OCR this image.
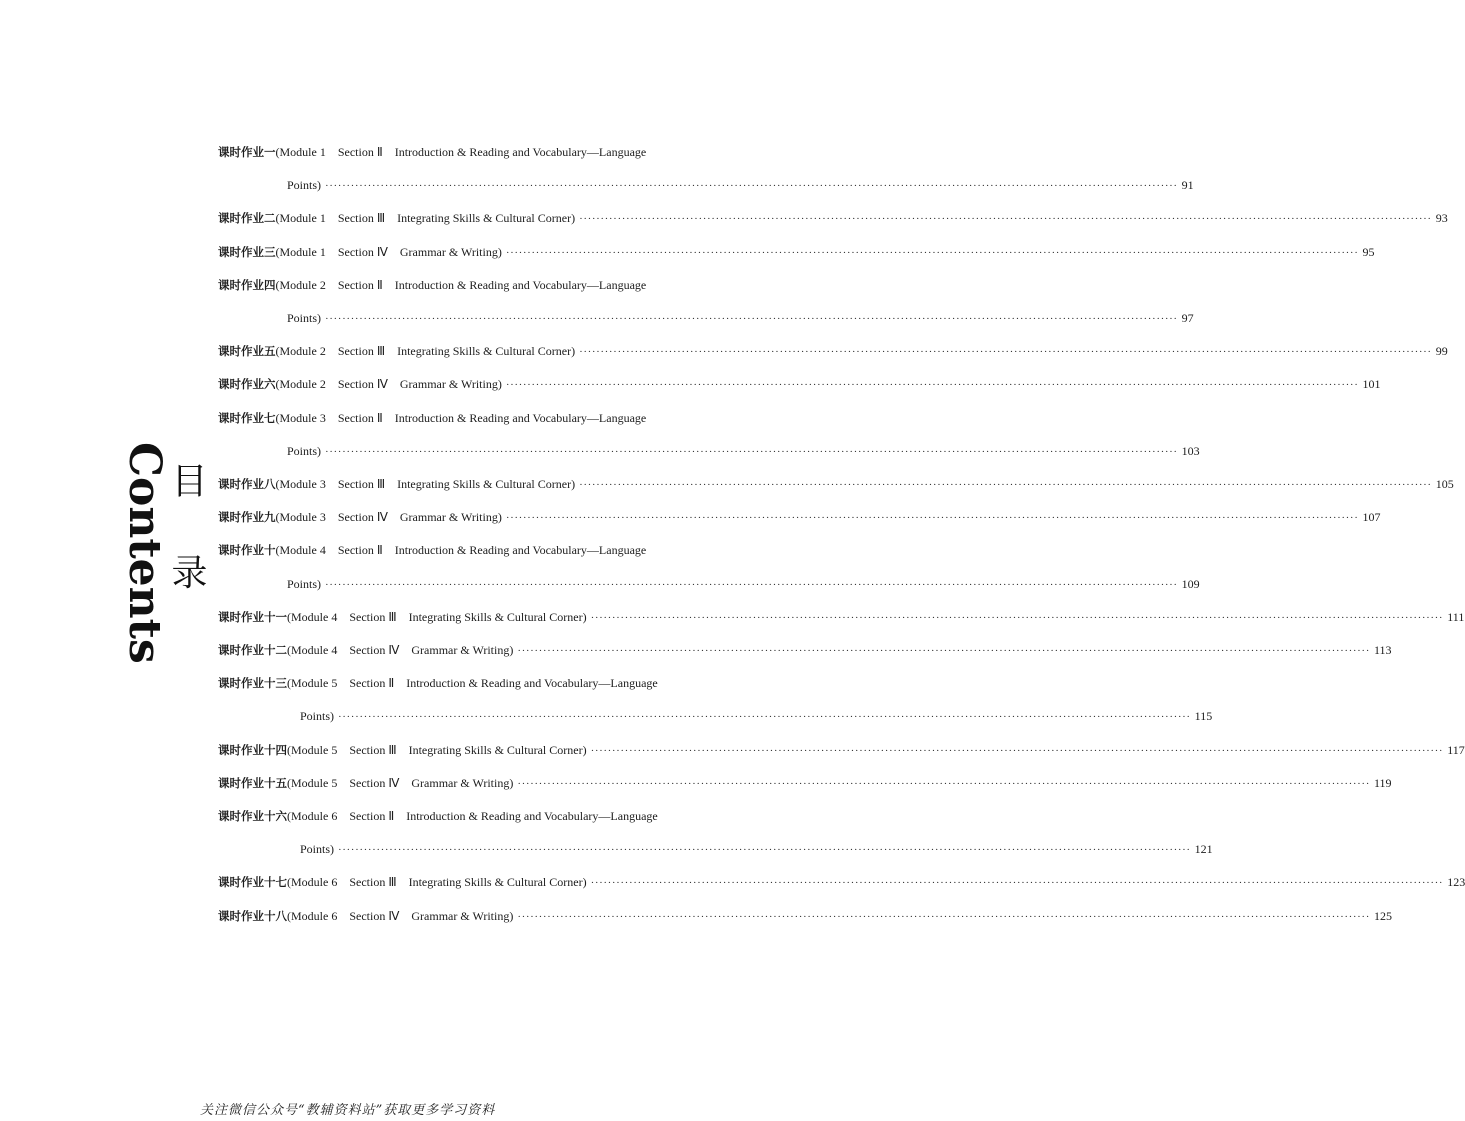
Contents
目 录
课时作业一 (Module 1　Section Ⅱ　Introduction & Reading and Vocabulary—Language
Points) ········································································································································································································ 91
课时作业二 (Module 1　Section Ⅲ　Integrating Skills & Cultural Corner) ········································································································································································································ 93
课时作业三 (Module 1　Section Ⅳ　Grammar & Writing) ········································································································································································································ 95
课时作业四 (Module 2　Section Ⅱ　Introduction & Reading and Vocabulary—Language
Points) ········································································································································································································ 97
课时作业五 (Module 2　Section Ⅲ　Integrating Skills & Cultural Corner) ········································································································································································································ 99
课时作业六 (Module 2　Section Ⅳ　Grammar & Writing) ········································································································································································································ 101
课时作业七 (Module 3　Section Ⅱ　Introduction & Reading and Vocabulary—Language
Points) ········································································································································································································ 103
课时作业八 (Module 3　Section Ⅲ　Integrating Skills & Cultural Corner) ········································································································································································································ 105
课时作业九 (Module 3　Section Ⅳ　Grammar & Writing) ········································································································································································································ 107
课时作业十 (Module 4　Section Ⅱ　Introduction & Reading and Vocabulary—Language
Points) ········································································································································································································ 109
课时作业十一 (Module 4　Section Ⅲ　Integrating Skills & Cultural Corner) ········································································································································································································ 111
课时作业十二 (Module 4　Section Ⅳ　Grammar & Writing) ········································································································································································································ 113
课时作业十三 (Module 5　Section Ⅱ　Introduction & Reading and Vocabulary—Language
Points) ········································································································································································································ 115
课时作业十四 (Module 5　Section Ⅲ　Integrating Skills & Cultural Corner) ········································································································································································································ 117
课时作业十五 (Module 5　Section Ⅳ　Grammar & Writing) ········································································································································································································ 119
课时作业十六 (Module 6　Section Ⅱ　Introduction & Reading and Vocabulary—Language
Points) ········································································································································································································ 121
课时作业十七 (Module 6　Section Ⅲ　Integrating Skills & Cultural Corner) ········································································································································································································ 123
课时作业十八 (Module 6　Section Ⅳ　Grammar & Writing) ········································································································································································································ 125
关注微信公众号“教辅资料站”获取更多学习资料
